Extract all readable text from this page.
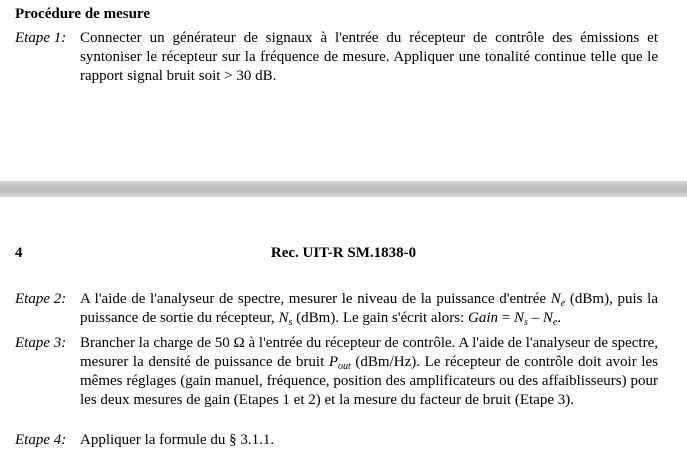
Procédure de mesure
Etape 1: Connecter un générateur de signaux à l'entrée du récepteur de contrôle des émissions et syntoniser le récepteur sur la fréquence de mesure. Appliquer une tonalité continue telle que le rapport signal bruit soit > 30 dB.
4	Rec. UIT-R SM.1838-0
Etape 2: A l'aide de l'analyseur de spectre, mesurer le niveau de la puissance d'entrée $N_e$ (dBm), puis la puissance de sortie du récepteur, $N_s$ (dBm). Le gain s'écrit alors: Gain = $N_s - N_e$.
Etape 3: Brancher la charge de 50 Ω à l'entrée du récepteur de contrôle. A l'aide de l'analyseur de spectre, mesurer la densité de puissance de bruit $P_{out}$ (dBm/Hz). Le récepteur de contrôle doit avoir les mêmes réglages (gain manuel, fréquence, position des amplificateurs ou des affaiblisseurs) pour les deux mesures de gain (Etapes 1 et 2) et la mesure du facteur de bruit (Etape 3).
Etape 4: Appliquer la formule du § 3.1.1.
